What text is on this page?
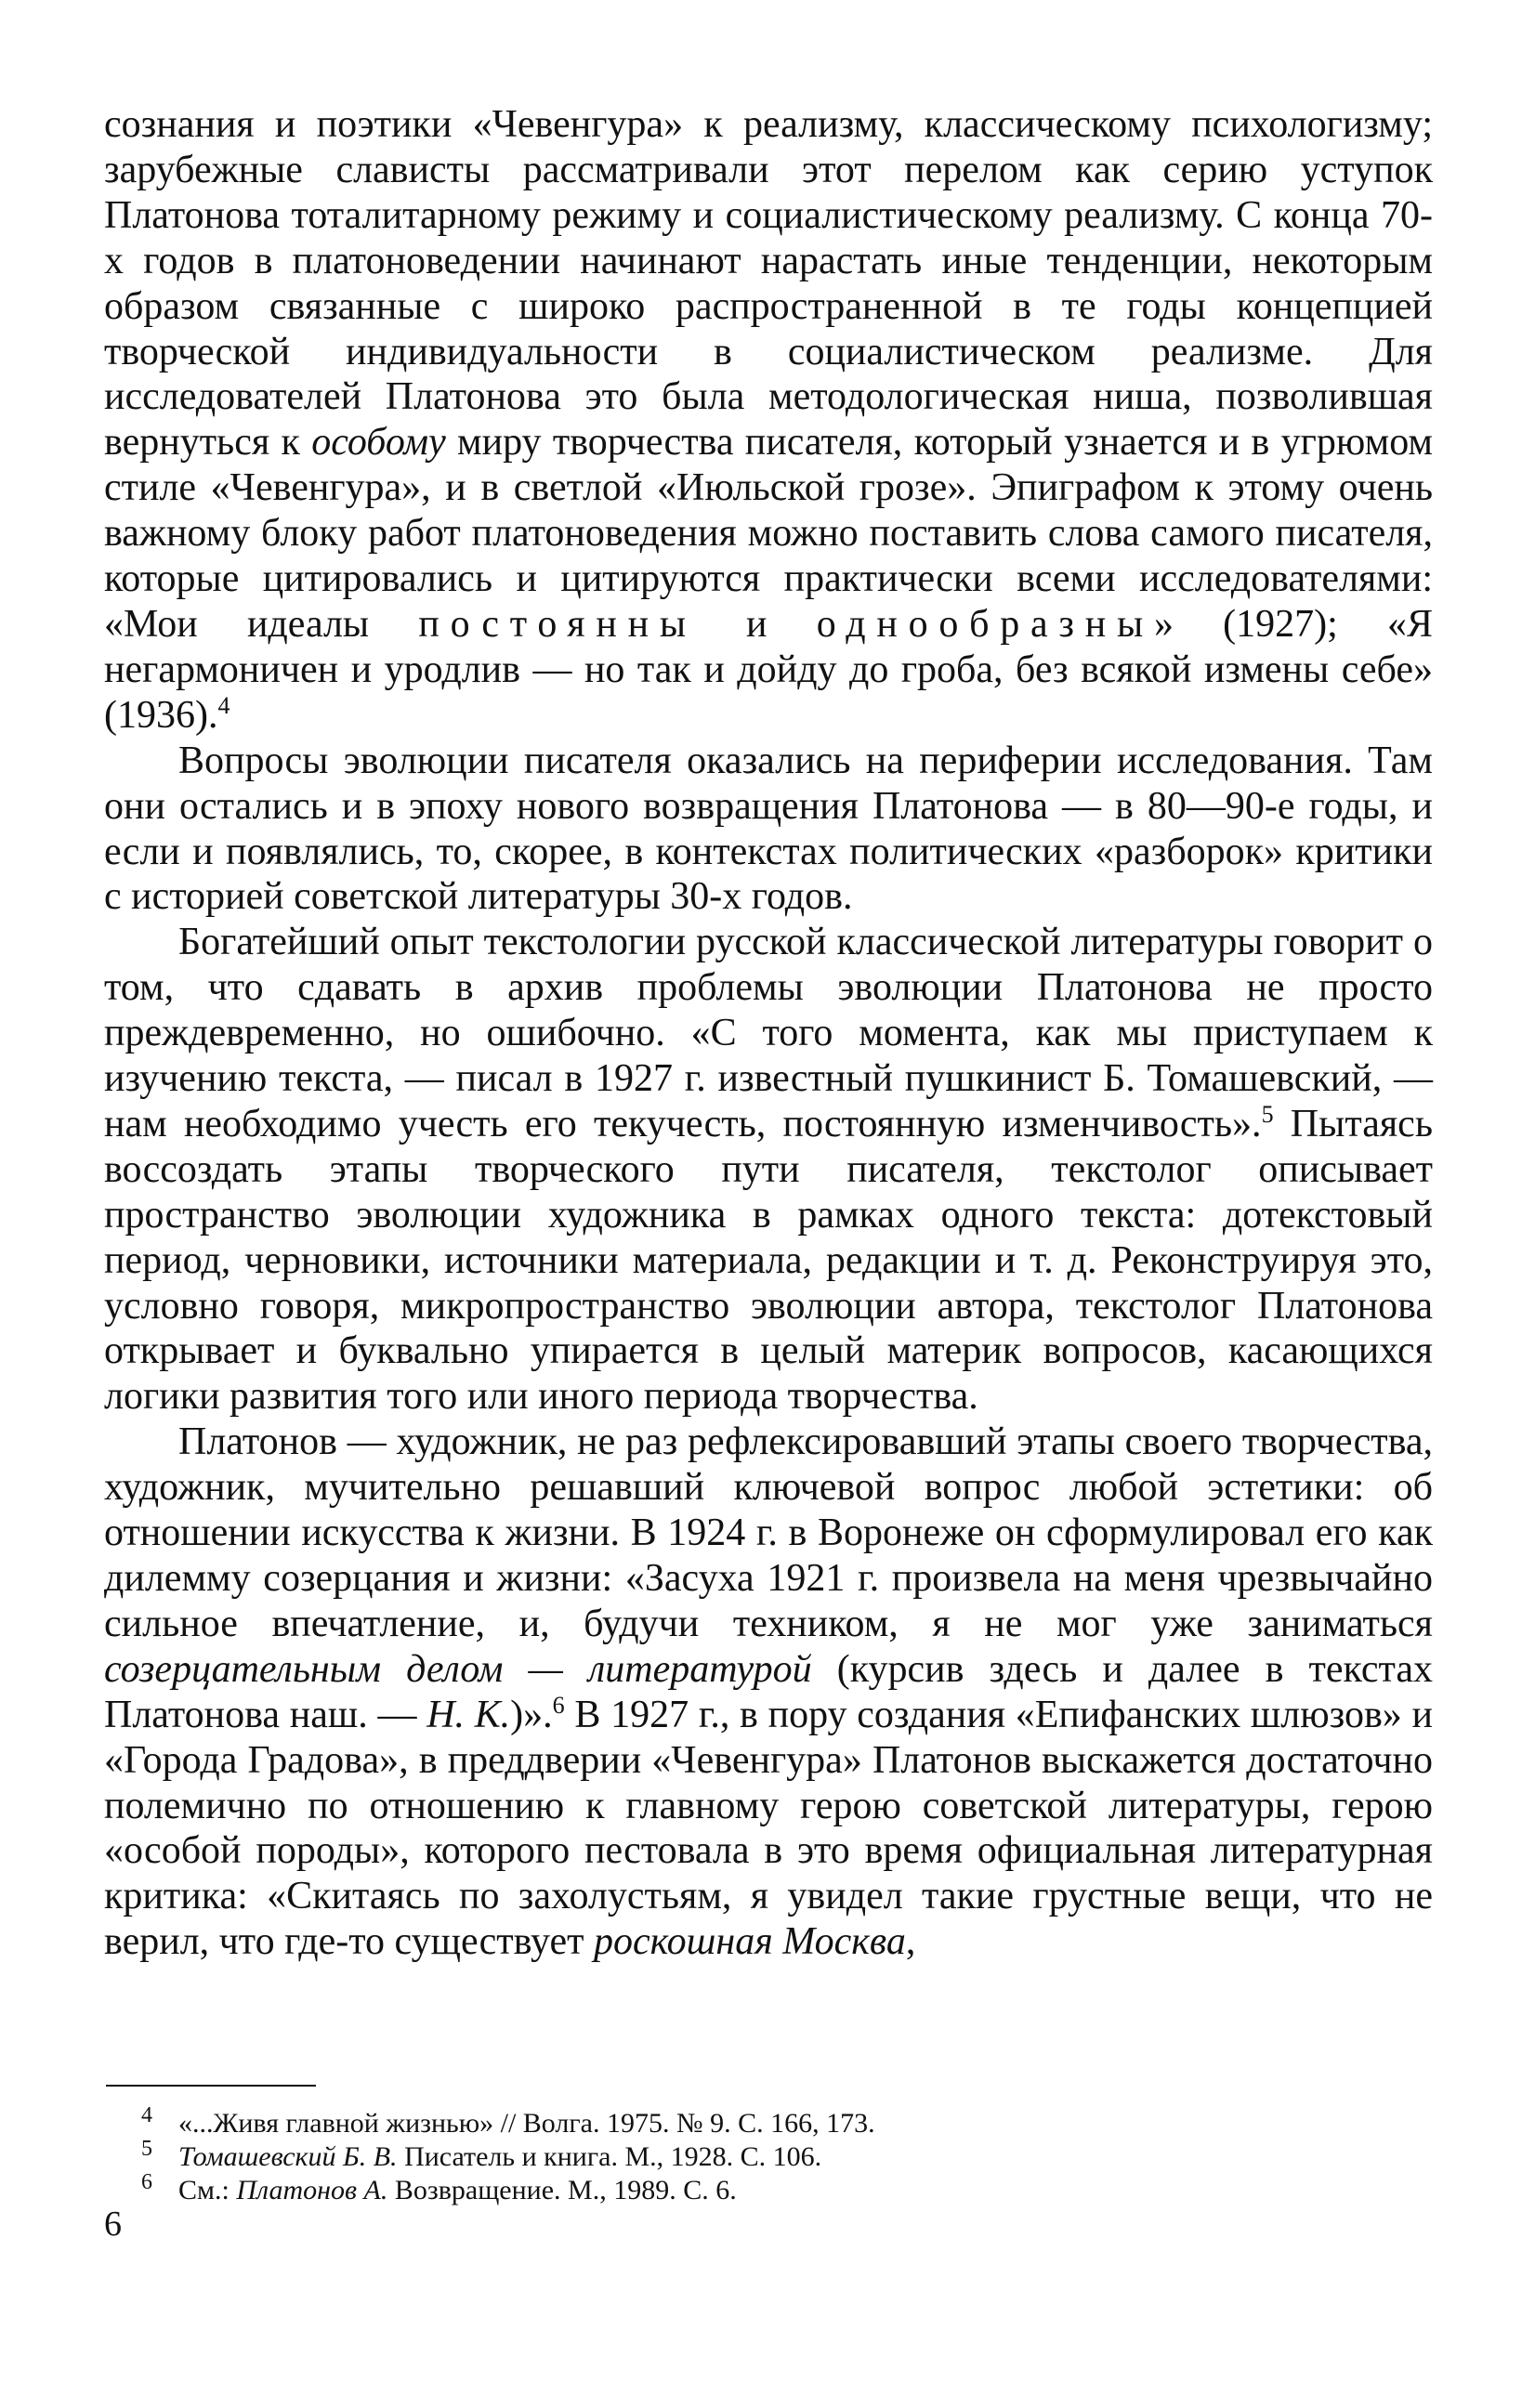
сознания и поэтики «Чевенгура» к реализму, классическому психологизму; зарубежные слависты рассматривали этот перелом как серию уступок Платонова тоталитарному режиму и социалистическому реализму. С конца 70-х годов в платоноведении начинают нарастать иные тенденции, некоторым образом связанные с широко распространенной в те годы концепцией творческой индивидуальности в социалистическом реализме. Для исследователей Платонова это была методологическая ниша, позволившая вернуться к особому миру творчества писателя, который узнается и в угрюмом стиле «Чевенгура», и в светлой «Июльской грозе». Эпиграфом к этому очень важному блоку работ платоноведения можно поставить слова самого писателя, которые цитировались и цитируются практически всеми исследователями: «Мои идеалы постоянны и однообразны» (1927); «Я негармоничен и уродлив — но так и дойду до гроба, без всякой измены себе» (1936).$^4$

Вопросы эволюции писателя оказались на периферии исследования. Там они остались и в эпоху нового возвращения Платонова — в 80—90-е годы, и если и появлялись, то, скорее, в контекстах политических «разборок» критики с историей советской литературы 30-х годов.

Богатейший опыт текстологии русской классической литературы говорит о том, что сдавать в архив проблемы эволюции Платонова не просто преждевременно, но ошибочно. «С того момента, как мы приступаем к изучению текста, — писал в 1927 г. известный пушкинист Б. Томашевский, — нам необходимо учесть его текучесть, постоянную изменчивость».$^5$ Пытаясь воссоздать этапы творческого пути писателя, текстолог описывает пространство эволюции художника в рамках одного текста: дотекстовый период, черновики, источники материала, редакции и т. д. Реконструируя это, условно говоря, микропространство эволюции автора, текстолог Платонова открывает и буквально упирается в целый материк вопросов, касающихся логики развития того или иного периода творчества.

Платонов — художник, не раз рефлексировавший этапы своего творчества, художник, мучительно решавший ключевой вопрос любой эстетики: об отношении искусства к жизни. В 1924 г. в Воронеже он сформулировал его как дилемму созерцания и жизни: «Засуха 1921 г. произвела на меня чрезвычайно сильное впечатление, и, будучи техником, я не мог уже заниматься созерцательным делом — литературой (курсив здесь и далее в текстах Платонова наш. — Н. К.)».$^6$ В 1927 г., в пору создания «Епифанских шлюзов» и «Города Градова», в преддверии «Чевенгура» Платонов выскажется достаточно полемично по отношению к главному герою советской литературы, герою «особой породы», которого пестовала в это время официальная литературная критика: «Скитаясь по захолустьям, я увидел такие грустные вещи, что не верил, что где-то существует роскошная Москва,

4 «...Живя главной жизнью» // Волга. 1975. № 9. С. 166, 173.

5 Томашевский Б. В. Писатель и книга. М., 1928. С. 106.

6 См.: Платонов А. Возвращение. М., 1989. С. 6.

6
